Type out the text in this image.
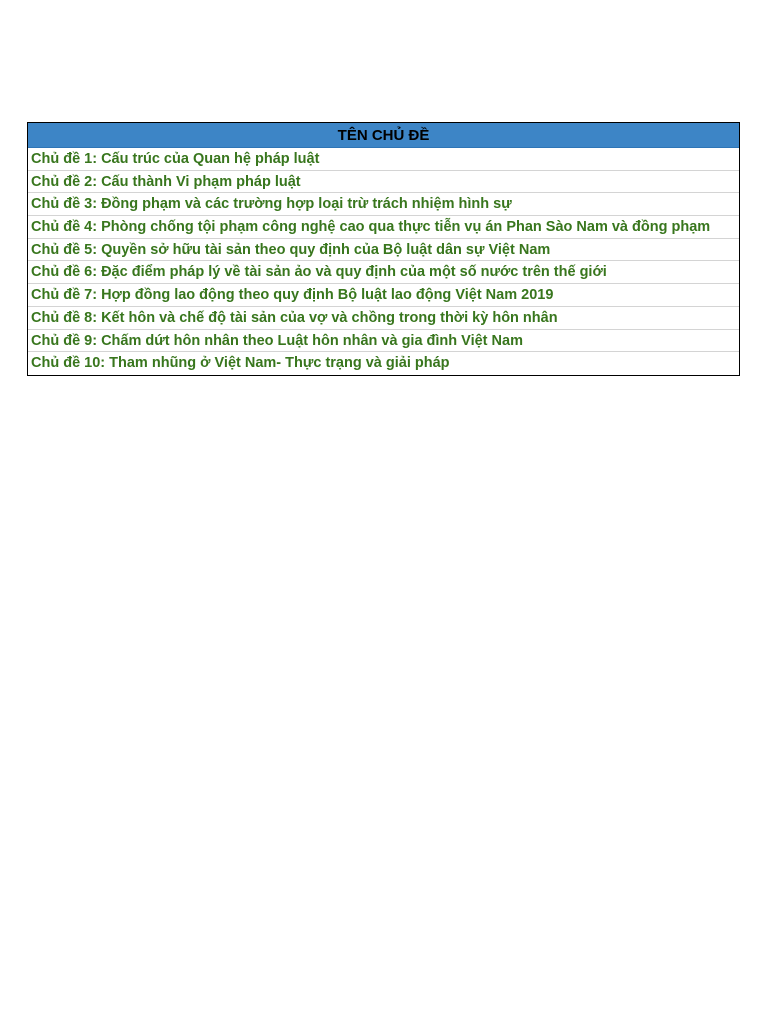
TÊN CHỦ ĐỀ
Chủ đề 1: Cấu trúc của Quan hệ pháp luật
Chủ đề 2: Cấu thành Vi phạm pháp luật
Chủ đề 3: Đồng phạm và các trường hợp loại trừ trách nhiệm hình sự
Chủ đề 4: Phòng chống tội phạm công nghệ cao qua thực tiễn vụ án Phan Sào Nam và đồng phạm
Chủ đề 5: Quyền sở hữu tài sản theo quy định của Bộ luật dân sự Việt Nam
Chủ đề 6: Đặc điểm pháp lý về tài sản ảo và quy định của một số nước trên thế giới
Chủ đề 7: Hợp đồng lao động theo quy định Bộ luật lao động Việt Nam 2019
Chủ đề 8: Kết hôn và chế độ tài sản của vợ và chồng trong thời kỳ hôn nhân
Chủ đề 9: Chấm dứt hôn nhân theo Luật hôn nhân và gia đình Việt Nam
Chủ đề 10: Tham nhũng ở Việt Nam- Thực trạng và giải pháp
